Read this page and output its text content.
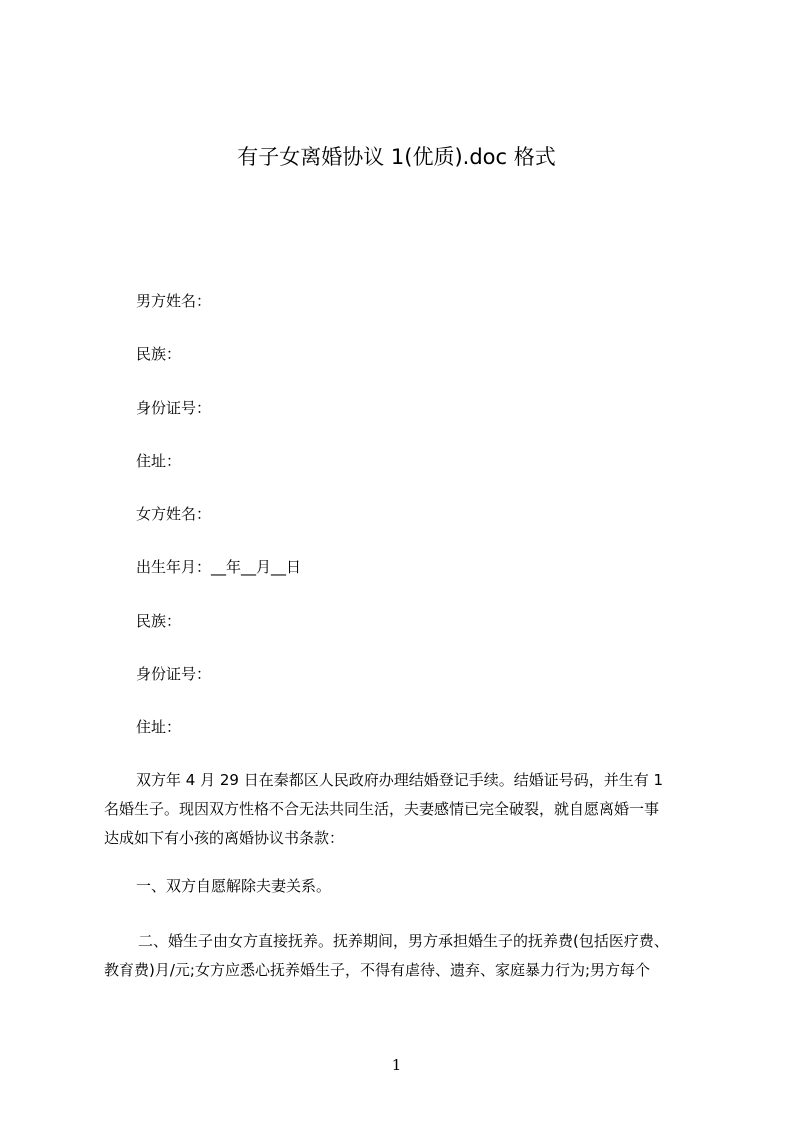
有子女离婚协议 1(优质).doc 格式
男方姓名：
民族：
身份证号：
住址：
女方姓名：
出生年月：__年__月__日
民族：
身份证号：
住址：
双方年 4 月 29 日在秦都区人民政府办理结婚登记手续。结婚证号码，并生有 1
名婚生子。现因双方性格不合无法共同生活，夫妻感情已完全破裂，就自愿离婚一事
达成如下有小孩的离婚协议书条款：
一、双方自愿解除夫妻关系。
二、婚生子由女方直接抚养。抚养期间，男方承担婚生子的抚养费(包括医疗费、
教育费)月/元;女方应悉心抚养婚生子，不得有虐待、遗弃、家庭暴力行为;男方每个
1
